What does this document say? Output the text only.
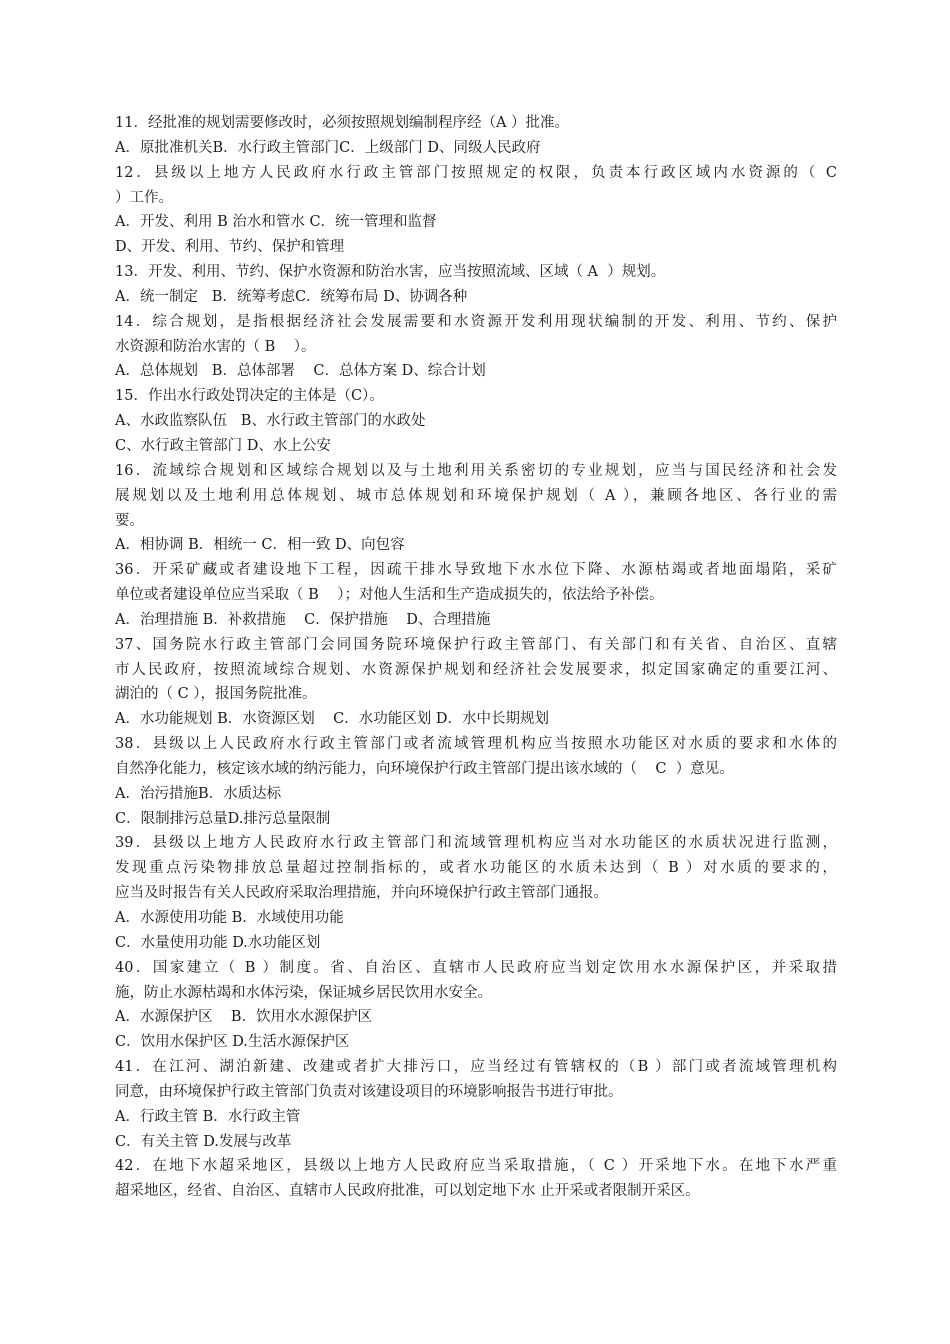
11．经批准的规划需要修改时，必须按照规划编制程序经（A ）批准。
A．原批准机关B．水行政主管部门C．上级部门 D、同级人民政府
12．县级以上地方人民政府水行政主管部门按照规定的权限，负责本行政区域内水资源的（ C
）工作。
A．开发、利用 B 治水和管水 C．统一管理和监督
D、开发、利用、节约、保护和管理
13．开发、利用、节约、保护水资源和防治水害，应当按照流域、区域（ A  ）规划。
A．统一制定   B．统筹考虑C．统筹布局 D、协调各种
14．综合规划，是指根据经济社会发展需要和水资源开发利用现状编制的开发、利用、节约、保护
水资源和防治水害的（ B    ）。
A．总体规划   B．总体部署    C．总体方案 D、综合计划
15．作出水行政处罚决定的主体是（C）。
A、水政监察队伍   B、水行政主管部门的水政处
C、水行政主管部门 D、水上公安
16．流域综合规划和区域综合规划以及与土地利用关系密切的专业规划，应当与国民经济和社会发
展规划以及土地利用总体规划、城市总体规划和环境保护规划（ A ），兼顾各地区、各行业的需
要。
A．相协调 B．相统一 C．相一致 D、向包容
36．开采矿藏或者建设地下工程，因疏干排水导致地下水水位下降、水源枯竭或者地面塌陷，采矿
单位或者建设单位应当采取（ B    ）；对他人生活和生产造成损失的，依法给予补偿。
A．治理措施 B．补救措施    C．保护措施    D、合理措施
37、国务院水行政主管部门会同国务院环境保护行政主管部门、有关部门和有关省、自治区、直辖
市人民政府，按照流域综合规划、水资源保护规划和经济社会发展要求，拟定国家确定的重要江河、
湖泊的（ C ），报国务院批准。
A．水功能规划 B．水资源区划    C．水功能区划 D．水中长期规划
38．县级以上人民政府水行政主管部门或者流域管理机构应当按照水功能区对水质的要求和水体的
自然净化能力，核定该水域的纳污能力，向环境保护行政主管部门提出该水域的（    C  ）意见。
A．治污措施B．水质达标
C．限制排污总量D.排污总量限制
39．县级以上地方人民政府水行政主管部门和流域管理机构应当对水功能区的水质状况进行监测，
发现重点污染物排放总量超过控制指标的，或者水功能区的水质未达到（ B ）对水质的要求的，
应当及时报告有关人民政府采取治理措施，并向环境保护行政主管部门通报。
A．水源使用功能 B．水域使用功能
C．水量使用功能 D.水功能区划
40．国家建立（ B ）制度。省、自治区、直辖市人民政府应当划定饮用水水源保护区，并采取措
施，防止水源枯竭和水体污染，保证城乡居民饮用水安全。
A．水源保护区    B．饮用水水源保护区
C．饮用水保护区 D.生活水源保护区
41．在江河、湖泊新建、改建或者扩大排污口，应当经过有管辖权的（B ）部门或者流域管理机构
同意，由环境保护行政主管部门负责对该建设项目的环境影响报告书进行审批。
A．行政主管 B．水行政主管
C．有关主管 D.发展与改革
42．在地下水超采地区，县级以上地方人民政府应当采取措施，（ C ）开采地下水。在地下水严重
超采地区，经省、自治区、直辖市人民政府批准，可以划定地下水 止开采或者限制开采区。
